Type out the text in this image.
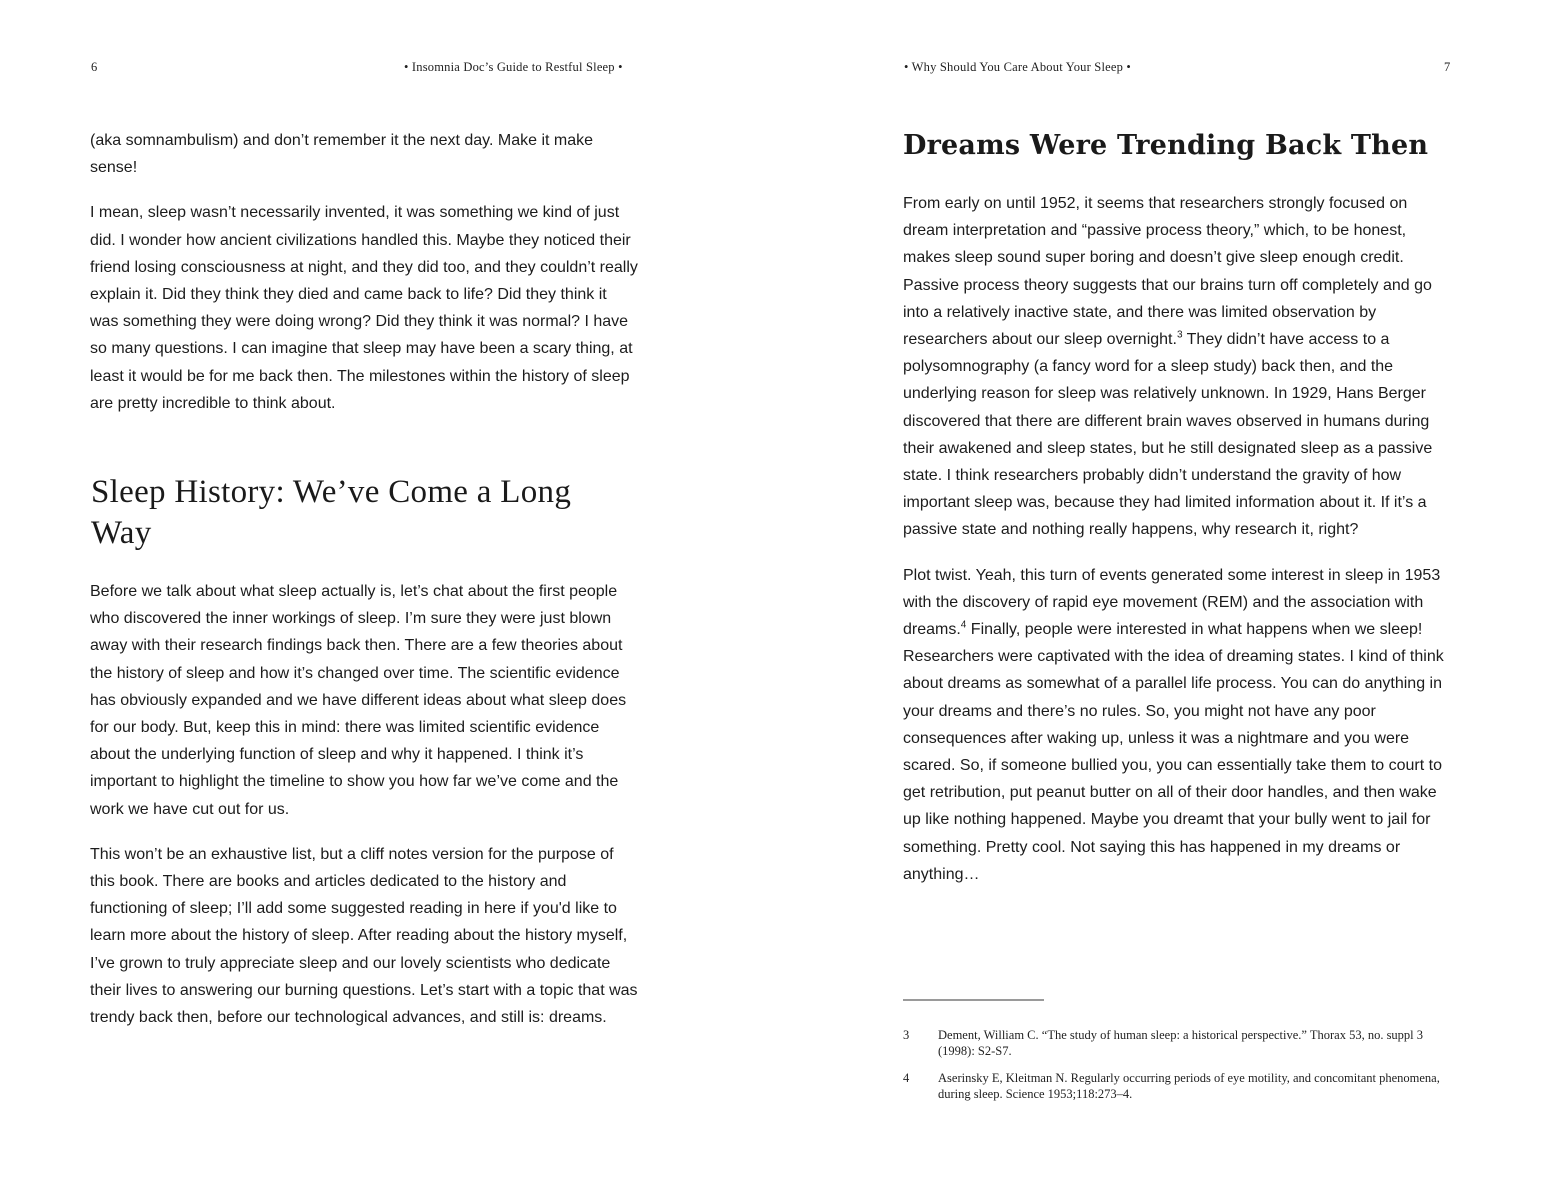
6	• Insomnia Doc’s Guide to Restful Sleep •

(aka somnambulism) and don’t remember it the next day. Make it make sense!

I mean, sleep wasn’t necessarily invented, it was something we kind of just did. I wonder how ancient civilizations handled this. Maybe they noticed their friend losing consciousness at night, and they did too, and they couldn’t really explain it. Did they think they died and came back to life? Did they think it was something they were doing wrong? Did they think it was normal? I have so many questions. I can imagine that sleep may have been a scary thing, at least it would be for me back then. The milestones within the history of sleep are pretty incredible to think about.

Sleep History: We’ve Come a Long Way

Before we talk about what sleep actually is, let’s chat about the first people who discovered the inner workings of sleep. I’m sure they were just blown away with their research findings back then. There are a few theories about the history of sleep and how it’s changed over time. The scientific evidence has obviously expanded and we have different ideas about what sleep does for our body. But, keep this in mind: there was limited scientific evidence about the underlying function of sleep and why it happened. I think it’s important to highlight the timeline to show you how far we’ve come and the work we have cut out for us.

This won’t be an exhaustive list, but a cliff notes version for the purpose of this book. There are books and articles dedicated to the history and functioning of sleep; I’ll add some suggested reading in here if you'd like to learn more about the history of sleep. After reading about the history myself, I’ve grown to truly appreciate sleep and our lovely scientists who dedicate their lives to answering our burning questions. Let’s start with a topic that was trendy back then, before our technological advances, and still is: dreams.

• Why Should You Care About Your Sleep •	7
Dreams Were Trending Back Then

From early on until 1952, it seems that researchers strongly focused on dream interpretation and “passive process theory,” which, to be honest, makes sleep sound super boring and doesn’t give sleep enough credit. Passive process theory suggests that our brains turn off completely and go into a relatively inactive state, and there was limited observation by researchers about our sleep overnight.$^3$ They didn’t have access to a polysomnography (a fancy word for a sleep study) back then, and the underlying reason for sleep was relatively unknown. In 1929, Hans Berger discovered that there are different brain waves observed in humans during their awakened and sleep states, but he still designated sleep as a passive state. I think researchers probably didn’t understand the gravity of how important sleep was, because they had limited information about it. If it’s a passive state and nothing really happens, why research it, right?

Plot twist. Yeah, this turn of events generated some interest in sleep in 1953 with the discovery of rapid eye movement (REM) and the association with dreams.$^4$ Finally, people were interested in what happens when we sleep! Researchers were captivated with the idea of dreaming states. I kind of think about dreams as somewhat of a parallel life process. You can do anything in your dreams and there’s no rules. So, you might not have any poor consequences after waking up, unless it was a nightmare and you were scared. So, if someone bullied you, you can essentially take them to court to get retribution, put peanut butter on all of their door handles, and then wake up like nothing happened. Maybe you dreamt that your bully went to jail for something. Pretty cool. Not saying this has happened in my dreams or anything…

3	Dement, William C. “The study of human sleep: a historical perspective.” Thorax 53, no. suppl 3 (1998): S2-S7.
4	Aserinsky E, Kleitman N. Regularly occurring periods of eye motility, and concomitant phenomena, during sleep. Science 1953;118:273–4.
